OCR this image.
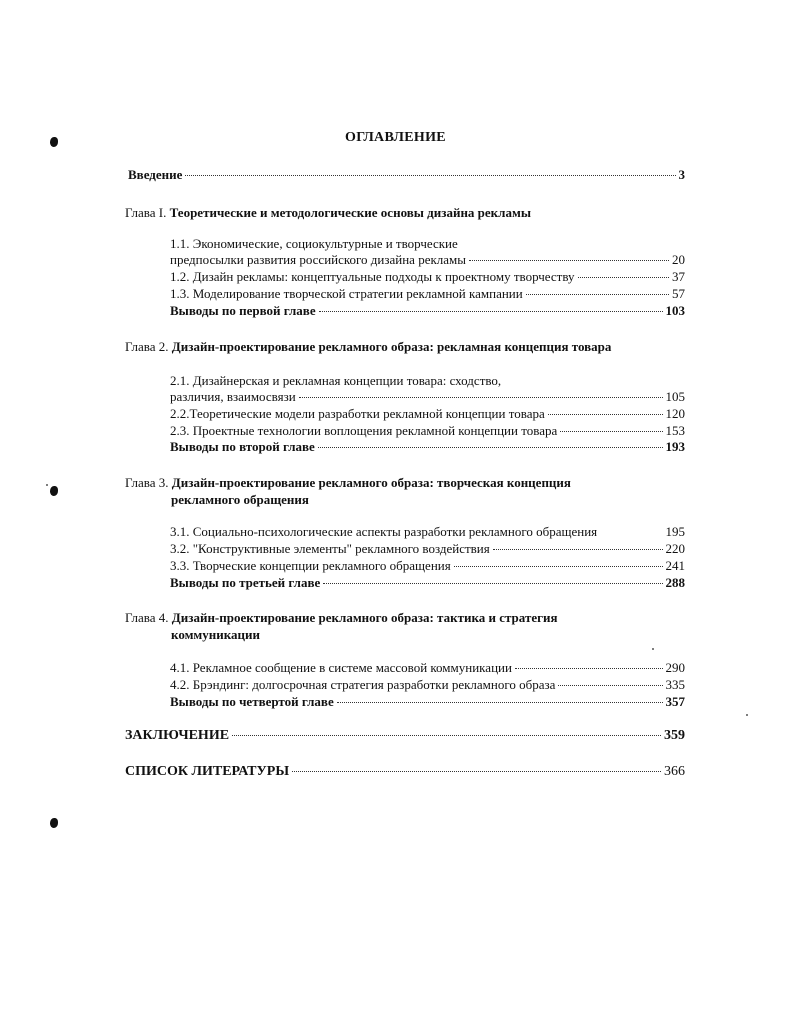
ОГЛАВЛЕНИЕ
Введение	3
Глава I. Теоретические и методологические основы дизайна рекламы
1.1. Экономические, социокультурные и творческие
предпосылки развития российского дизайна рекламы	20
1.2. Дизайн рекламы: концептуальные подходы к проектному творчеству	37
1.3. Моделирование творческой стратегии рекламной кампании	57
Выводы по первой главе	103
Глава 2. Дизайн-проектирование рекламного образа: рекламная концепция товара
2.1. Дизайнерская и рекламная концепции товара: сходство,
различия, взаимосвязи	105
2.2.Теоретические модели разработки рекламной концепции товара	120
2.3. Проектные технологии воплощения рекламной концепции товара	153
Выводы по второй главе	193
Глава 3. Дизайн-проектирование рекламного образа: творческая концепция
рекламного обращения
3.1. Социально-психологические аспекты разработки рекламного обращения	195
3.2. "Конструктивные элементы" рекламного воздействия	220
3.3. Творческие концепции рекламного обращения	241
Выводы по третьей главе	288
Глава 4. Дизайн-проектирование рекламного образа: тактика и стратегия
коммуникации
4.1. Рекламное сообщение в системе массовой коммуникации	290
4.2. Брэндинг: долгосрочная стратегия разработки рекламного образа	335
Выводы по четвертой главе	357
ЗАКЛЮЧЕНИЕ	359
СПИСОК ЛИТЕРАТУРЫ	366
